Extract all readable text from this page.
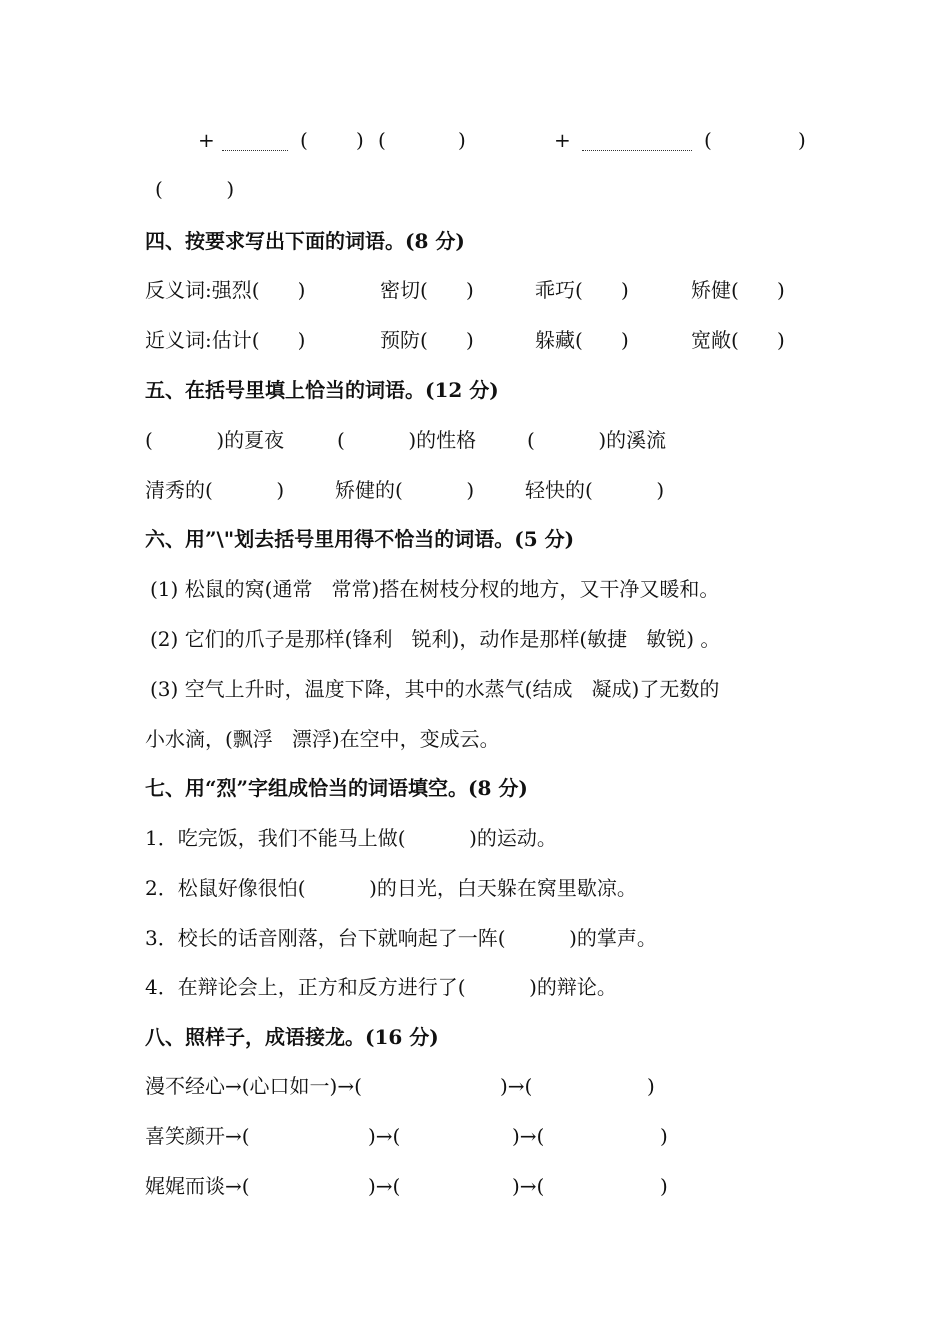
+	( ) (	)	+	(	)
(          )
四、按要求写出下面的词语。(8 分)
反义词:强烈(      )	密切(      )	乖巧(      )	矫健(      )
近义词:估计(      )	预防(      )	躲藏(      )	宽敞(      )
五、在括号里填上恰当的词语。(12 分)
(          )的夏夜	(          )的性格	(          )的溪流
清秀的(          )	矫健的(          )	轻快的(          )
六、用”\"划去括号里用得不恰当的词语。(5 分)
(1) 松鼠的窝(通常   常常)搭在树枝分杈的地方，又干净又暖和。
(2) 它们的爪子是那样(锋利   锐利)，动作是那样(敏捷   敏锐) 。
(3) 空气上升时，温度下降，其中的水蒸气(结成   凝成)了无数的
小水滴，(飘浮   漂浮)在空中，变成云。
七、用“烈”字组成恰当的词语填空。(8 分)
1．吃完饭，我们不能马上做(          )的运动。
2．松鼠好像很怕(          )的日光，白天躲在窝里歇凉。
3．校长的话音刚落，台下就响起了一阵(          )的掌声。
4．在辩论会上，正方和反方进行了(          )的辩论。
八、照样子，成语接龙。(16 分)
漫不经心→(心口如一)→(	)→(	)
喜笑颜开→(	)→(	)→(	)
娓娓而谈→(	)→(	)→(	)
